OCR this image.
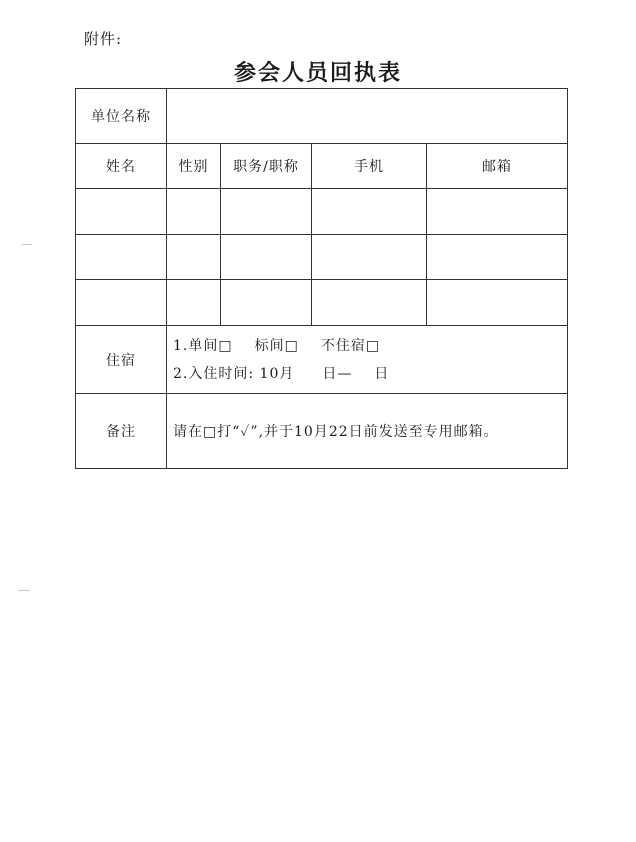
附件:
参会人员回执表
单位名称				
姓名	性别	职务/职称	手机	邮箱

住宿	1.单间□ 标间□ 不住宿□
2.入住时间: 10月 日— 日			

备注	请在□打“✓”,并于10月22日前发送至专用邮箱。			
